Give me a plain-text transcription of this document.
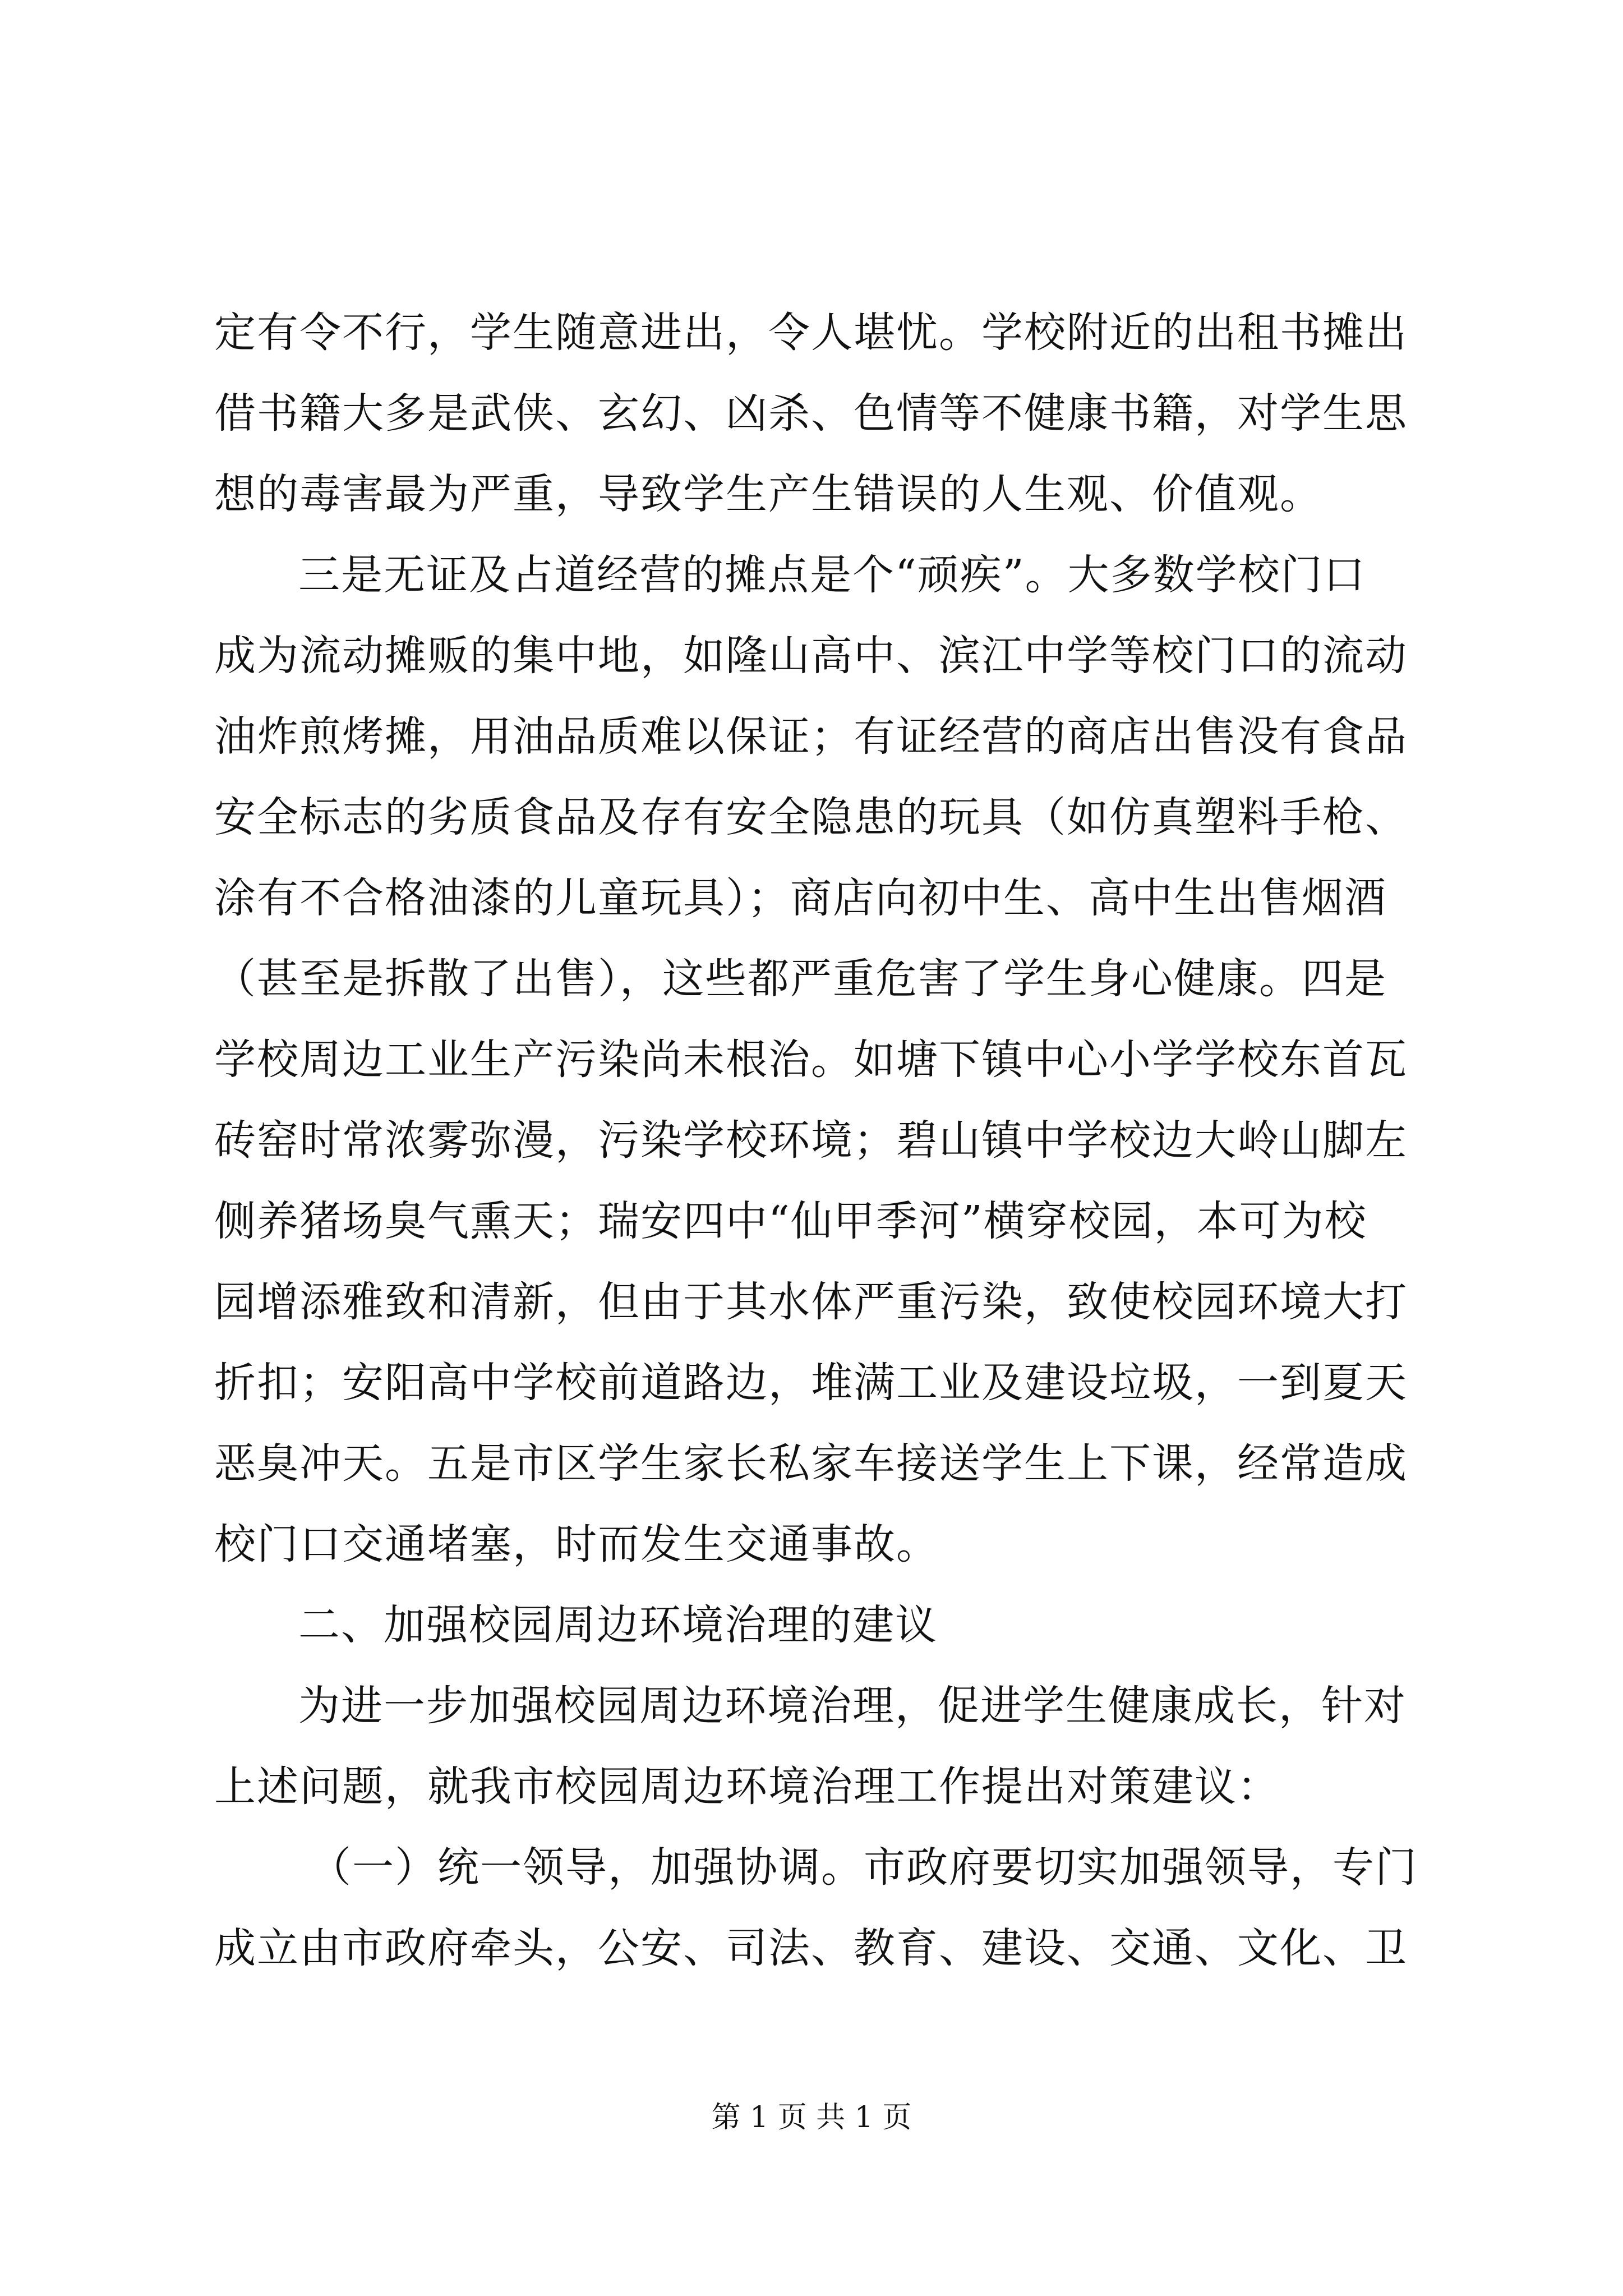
定有令不行，学生随意进出，令人堪忧。学校附近的出租书摊出
借书籍大多是武侠、玄幻、凶杀、色情等不健康书籍，对学生思
想的毒害最为严重，导致学生产生错误的人生观、价值观。
三是无证及占道经营的摊点是个“顽疾”。大多数学校门口
成为流动摊贩的集中地，如隆山高中、滨江中学等校门口的流动
油炸煎烤摊，用油品质难以保证；有证经营的商店出售没有食品
安全标志的劣质食品及存有安全隐患的玩具（如仿真塑料手枪、
涂有不合格油漆的儿童玩具）；商店向初中生、高中生出售烟酒
（甚至是拆散了出售），这些都严重危害了学生身心健康。四是
学校周边工业生产污染尚未根治。如塘下镇中心小学学校东首瓦
砖窑时常浓雾弥漫，污染学校环境；碧山镇中学校边大岭山脚左
侧养猪场臭气熏天；瑞安四中“仙甲季河”横穿校园，本可为校
园增添雅致和清新，但由于其水体严重污染，致使校园环境大打
折扣；安阳高中学校前道路边，堆满工业及建设垃圾，一到夏天
恶臭冲天。五是市区学生家长私家车接送学生上下课，经常造成
校门口交通堵塞，时而发生交通事故。
二、加强校园周边环境治理的建议
为进一步加强校园周边环境治理，促进学生健康成长，针对
上述问题，就我市校园周边环境治理工作提出对策建议：
（一）统一领导，加强协调。市政府要切实加强领导，专门
成立由市政府牵头，公安、司法、教育、建设、交通、文化、卫
第 1 页 共 1 页
